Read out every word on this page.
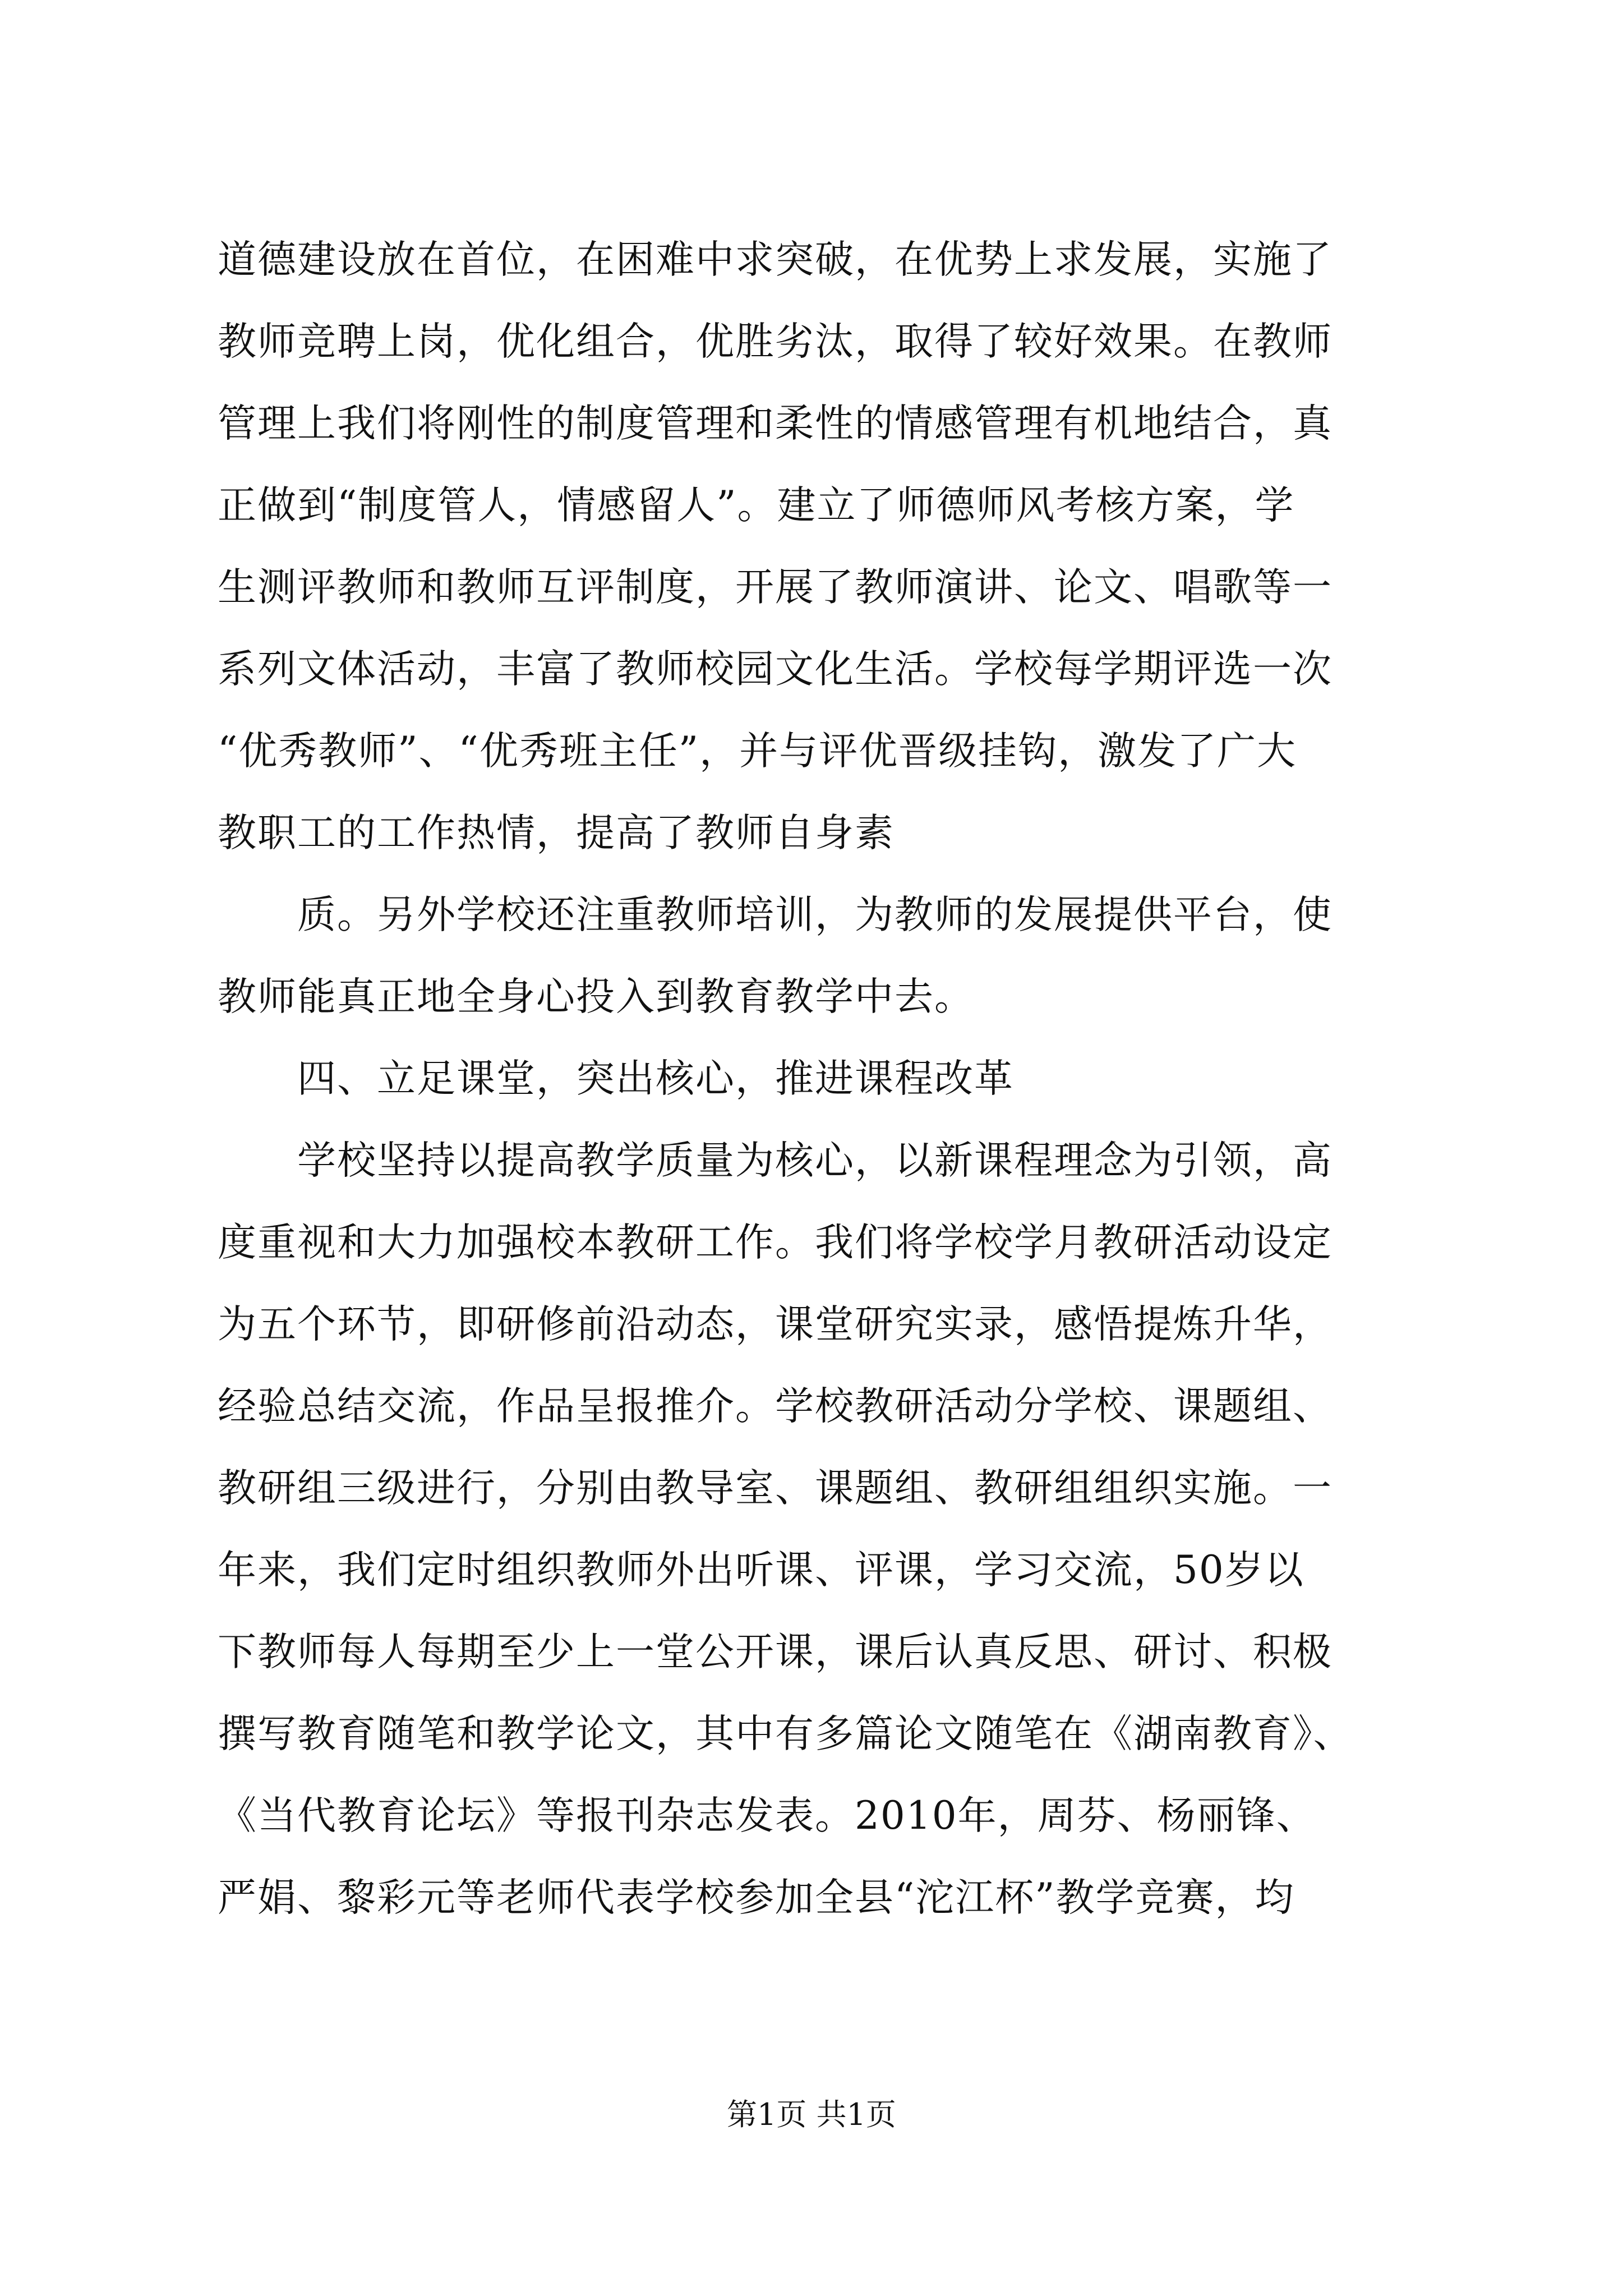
道德建设放在首位，在困难中求突破，在优势上求发展，实施了
教师竞聘上岗，优化组合，优胜劣汰，取得了较好效果。在教师
管理上我们将刚性的制度管理和柔性的情感管理有机地结合，真
正做到“制度管人，情感留人”。建立了师德师风考核方案，学
生测评教师和教师互评制度，开展了教师演讲、论文、唱歌等一
系列文体活动，丰富了教师校园文化生活。学校每学期评选一次
“优秀教师”、“优秀班主任”，并与评优晋级挂钩，激发了广大
教职工的工作热情，提高了教师自身素
质。另外学校还注重教师培训，为教师的发展提供平台，使
教师能真正地全身心投入到教育教学中去。
四、立足课堂，突出核心，推进课程改革
学校坚持以提高教学质量为核心，以新课程理念为引领，高
度重视和大力加强校本教研工作。我们将学校学月教研活动设定
为五个环节，即研修前沿动态，课堂研究实录，感悟提炼升华，
经验总结交流，作品呈报推介。学校教研活动分学校、课题组、
教研组三级进行，分别由教导室、课题组、教研组组织实施。一
年来，我们定时组织教师外出听课、评课，学习交流，50岁以
下教师每人每期至少上一堂公开课，课后认真反思、研讨、积极
撰写教育随笔和教学论文，其中有多篇论文随笔在《湖南教育》、
《当代教育论坛》等报刊杂志发表。2010年，周芬、杨丽锋、
严娟、黎彩元等老师代表学校参加全县“沱江杯”教学竞赛，均
第1页 共1页
